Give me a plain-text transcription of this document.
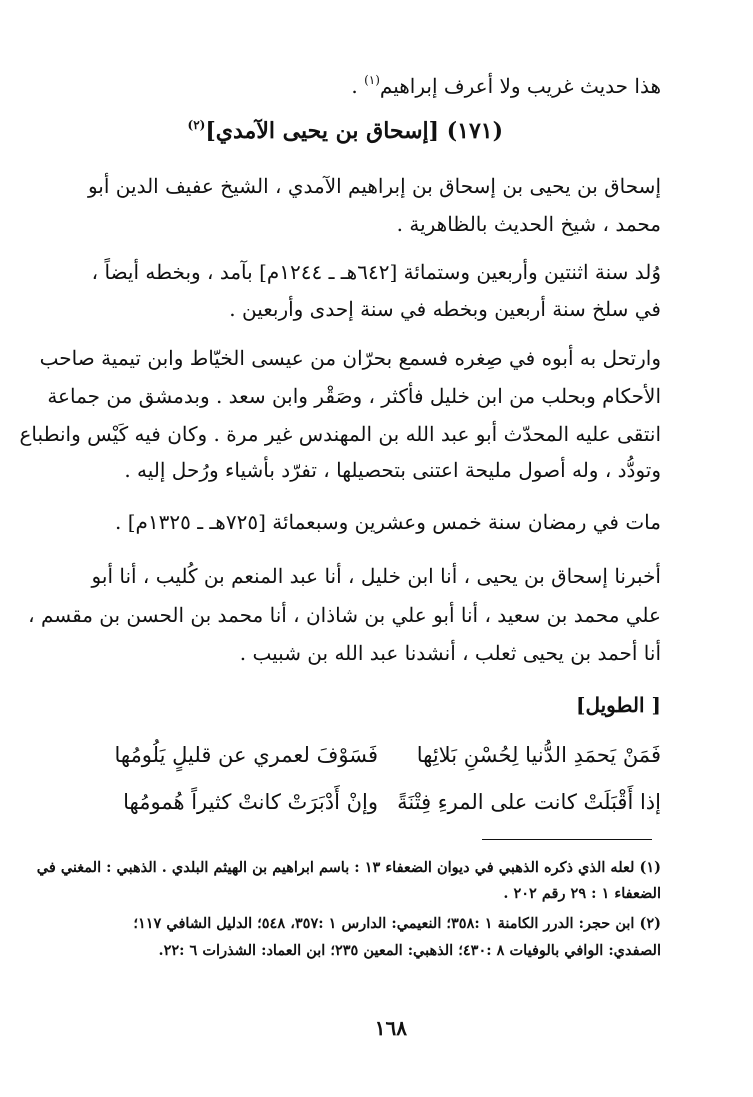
هذا حديث غريب ولا أعرف إبراهيم$^{(١)}$ .
(١٧١) [إسحاق بن يحيى الآمدي]$^{(٢)}$
إسحاق بن يحيى بن إسحاق بن إبراهيم الآمدي ، الشيخ عفيف الدين أبو
محمد ، شيخ الحديث بالظاهرية .
وُلد سنة اثنتين وأربعين وستمائة [٦٤٢هـ ـ ١٢٤٤م] بآمد ، وبخطه أيضاً ،
في سلخ سنة أربعين وبخطه في سنة إحدى وأربعين .
وارتحل به أبوه في صِغره فسمع بحرّان من عيسى الخيّاط وابن تيمية صاحب
الأحكام وبحلب من ابن خليل فأكثر ، وصَقْر وابن سعد . وبدمشق من جماعة
انتقى عليه المحدّث أبو عبد الله بن المهندس غير مرة . وكان فيه كَيْس وانطباع
وتودُّد ، وله أصول مليحة اعتنى بتحصيلها ، تفرّد بأشياء ورُحل إليه .
مات في رمضان سنة خمس وعشرين وسبعمائة [٧٢٥هـ ـ ١٣٢٥م] .
أخبرنا إسحاق بن يحيى ، أنا ابن خليل ، أنا عبد المنعم بن كُليب ، أنا أبو
علي محمد بن سعيد ، أنا أبو علي بن شاذان ، أنا محمد بن الحسن بن مقسم ،
أنا أحمد بن يحيى ثعلب ، أنشدنا عبد الله بن شبيب .
[ الطويل]
فَمَنْ يَحمَدِ الدُّنيا لِحُسْنِ بَلائِها
فَسَوْفَ لعمري عن قليلٍ يَلُومُها
إذا أَقْبَلَتْ كانت على المرءِ فِتْنَةً
وإنْ أَدْبَرَتْ كانتْ كثيراً هُمومُها
(١) لعله الذي ذكره الذهبي في ديوان الضعفاء ١٣ : باسم ابراهيم بن الهيثم البلدي . الذهبي : المغني في
الضعفاء ١ : ٢٩ رقم ٢٠٢ .
(٢) ابن حجر: الدرر الكامنة ١ :٣٥٨؛ النعيمي: الدارس ١ :٣٥٧، ٥٤٨؛ الدليل الشافي ١١٧؛
الصفدي: الوافي بالوفيات ٨ :٤٣٠؛ الذهبي: المعين ٢٣٥؛ ابن العماد: الشذرات ٦ :٢٢.
١٦٨
